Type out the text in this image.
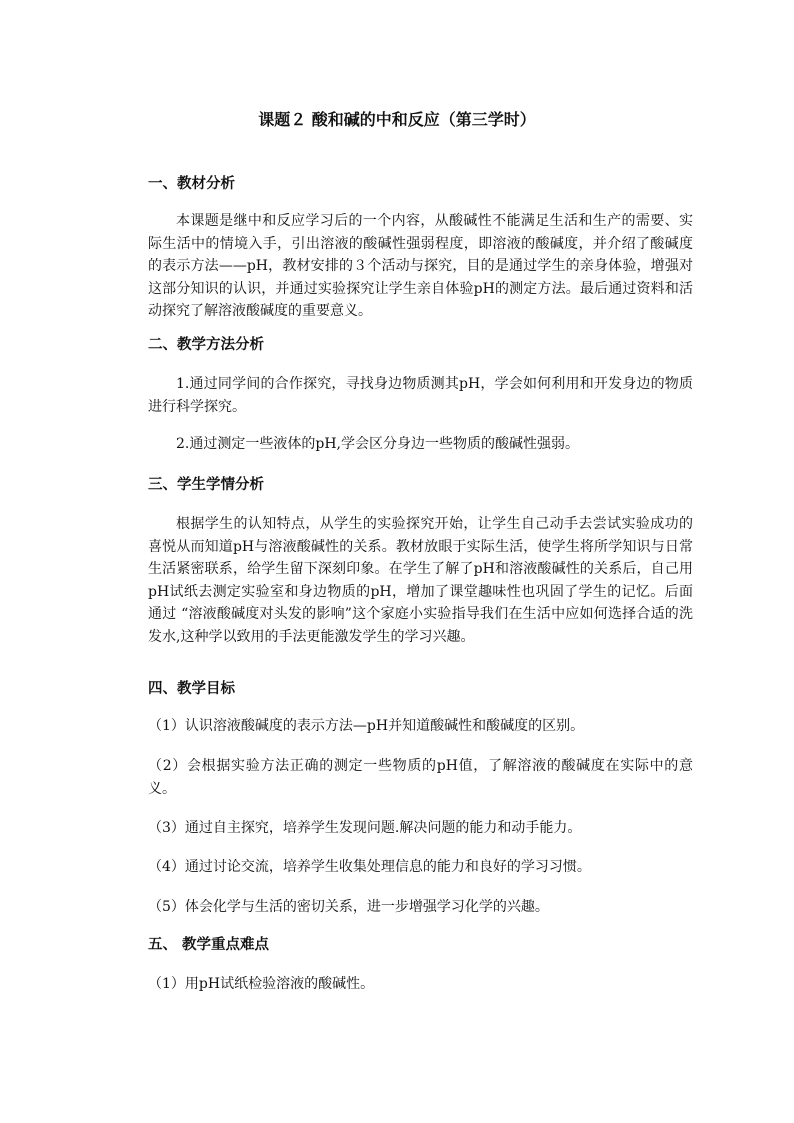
课题２ 酸和碱的中和反应（第三学时）
一、教材分析
本课题是继中和反应学习后的一个内容，从酸碱性不能满足生活和生产的需要、实际生活中的情境入手，引出溶液的酸碱性强弱程度，即溶液的酸碱度，并介绍了酸碱度的表示方法——pH，教材安排的３个活动与探究，目的是通过学生的亲身体验，增强对这部分知识的认识，并通过实验探究让学生亲自体验pH的测定方法。最后通过资料和活动探究了解溶液酸碱度的重要意义。
二、教学方法分析
1.通过同学间的合作探究，寻找身边物质测其pH，学会如何利用和开发身边的物质进行科学探究。
2.通过测定一些液体的pH,学会区分身边一些物质的酸碱性强弱。
三、学生学情分析
根据学生的认知特点，从学生的实验探究开始，让学生自己动手去尝试实验成功的喜悦从而知道pH与溶液酸碱性的关系。教材放眼于实际生活，使学生将所学知识与日常生活紧密联系，给学生留下深刻印象。在学生了解了pH和溶液酸碱性的关系后，自己用pH试纸去测定实验室和身边物质的pH，增加了课堂趣味性也巩固了学生的记忆。后面通过 “溶液酸碱度对头发的影响”这个家庭小实验指导我们在生活中应如何选择合适的洗发水,这种学以致用的手法更能激发学生的学习兴趣。
四、教学目标
（1）认识溶液酸碱度的表示方法—pH并知道酸碱性和酸碱度的区别。
（2）会根据实验方法正确的测定一些物质的pH值，了解溶液的酸碱度在实际中的意义。
（3）通过自主探究，培养学生发现问题.解决问题的能力和动手能力。
（4）通过讨论交流，培养学生收集处理信息的能力和良好的学习习惯。
（5）体会化学与生活的密切关系，进一步增强学习化学的兴趣。
五、 教学重点难点
（1）用pH试纸检验溶液的酸碱性。
